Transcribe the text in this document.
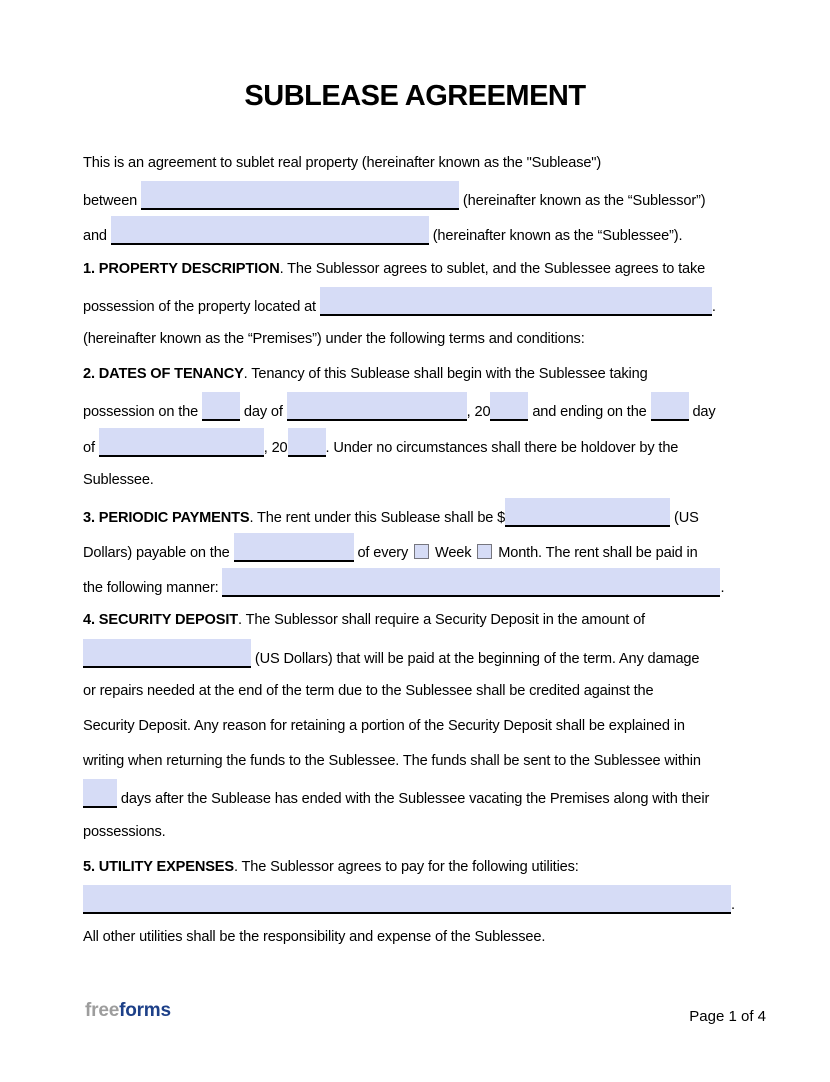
SUBLEASE AGREEMENT
This is an agreement to sublet real property (hereinafter known as the "Sublease")
between	(hereinafter known as the “Sublessor”)
and	(hereinafter known as the “Sublessee”).
1. PROPERTY DESCRIPTION. The Sublessor agrees to sublet, and the Sublessee agrees to take
possession of the property located at	.
(hereinafter known as the “Premises”) under the following terms and conditions:
2. DATES OF TENANCY. Tenancy of this Sublease shall begin with the Sublessee taking
possession on the	day of	, 20	and ending on the	day
of	, 20	. Under no circumstances shall there be holdover by the
Sublessee.
3. PERIODIC PAYMENTS. The rent under this Sublease shall be $	(US
Dollars) payable on the	of every  Week  Month. The rent shall be paid in
the following manner:	.
4. SECURITY DEPOSIT. The Sublessor shall require a Security Deposit in the amount of
(US Dollars) that will be paid at the beginning of the term. Any damage
or repairs needed at the end of the term due to the Sublessee shall be credited against the
Security Deposit. Any reason for retaining a portion of the Security Deposit shall be explained in
writing when returning the funds to the Sublessee. The funds shall be sent to the Sublessee within
days after the Sublease has ended with the Sublessee vacating the Premises along with their
possessions.
5. UTILITY EXPENSES. The Sublessor agrees to pay for the following utilities:
.
All other utilities shall be the responsibility and expense of the Sublessee.
freeforms	Page 1 of 4
